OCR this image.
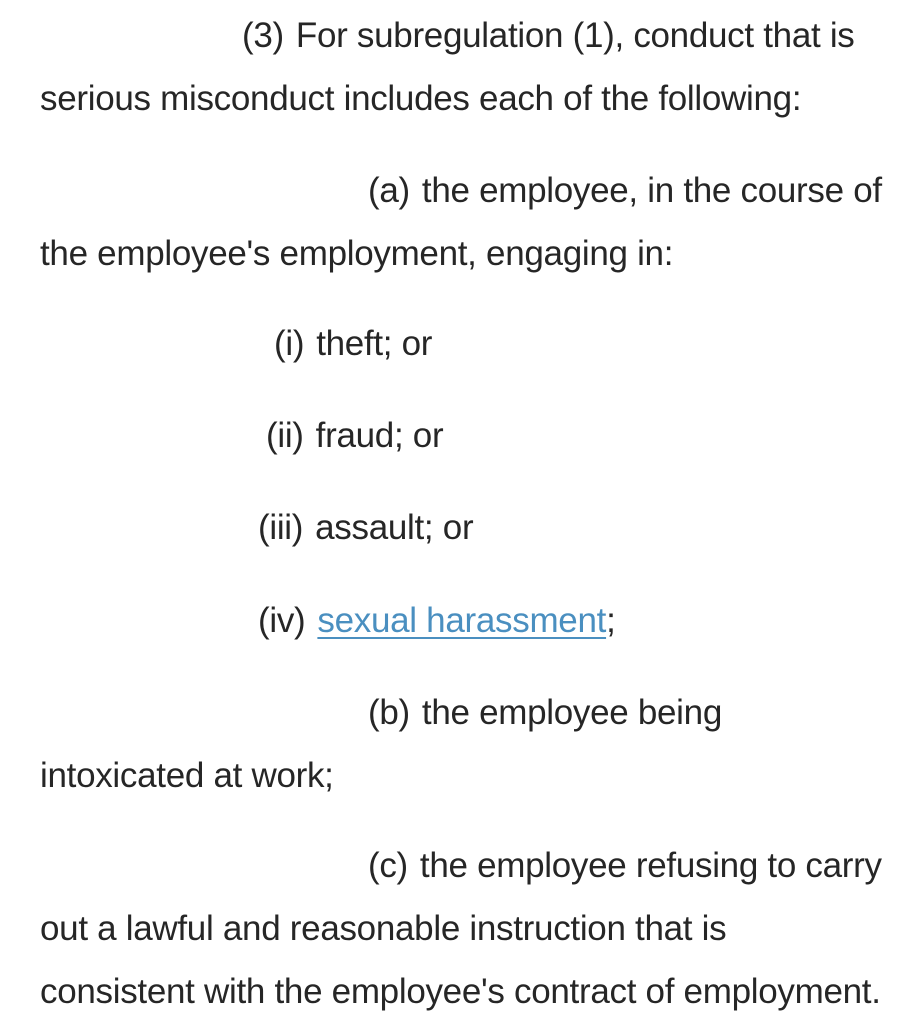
(3) For subregulation (1), conduct that is serious misconduct includes each of the following:

(a) the employee, in the course of the employee's employment, engaging in:

(i) theft; or

(ii) fraud; or

(iii) assault; or

(iv) sexual harassment;

(b) the employee being intoxicated at work;

(c) the employee refusing to carry out a lawful and reasonable instruction that is consistent with the employee's contract of employment.
